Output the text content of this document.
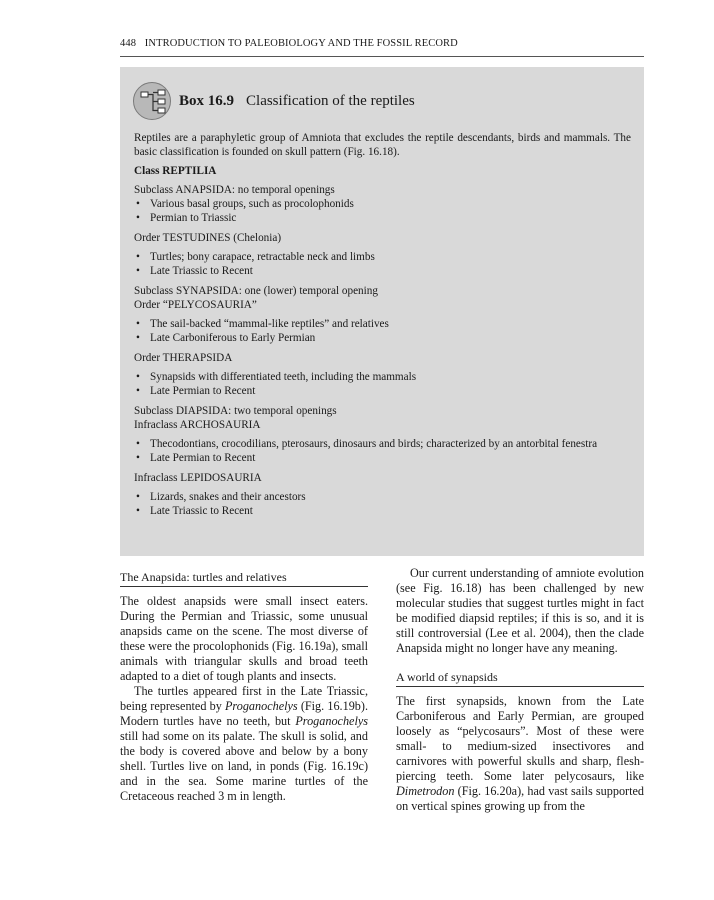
448 INTRODUCTION TO PALEOBIOLOGY AND THE FOSSIL RECORD
Box 16.9 Classification of the reptiles

Reptiles are a paraphyletic group of Amniota that excludes the reptile descendants, birds and mammals. The basic classification is founded on skull pattern (Fig. 16.18).

Class REPTILIA

Subclass ANAPSIDA: no temporal openings
• Various basal groups, such as procolophonids
• Permian to Triassic
Order TESTUDINES (Chelonia)
• Turtles; bony carapace, retractable neck and limbs
• Late Triassic to Recent
Subclass SYNAPSIDA: one (lower) temporal opening
Order “PELYCOSAURIA”
• The sail-backed “mammal-like reptiles” and relatives
• Late Carboniferous to Early Permian
Order THERAPSIDA
• Synapsids with differentiated teeth, including the mammals
• Late Permian to Recent
Subclass DIAPSIDA: two temporal openings
Infraclass ARCHOSAURIA
• Thecodontians, crocodilians, pterosaurs, dinosaurs and birds; characterized by an antorbital fenestra
• Late Permian to Recent
Infraclass LEPIDOSAURIA
• Lizards, snakes and their ancestors
• Late Triassic to Recent
The Anapsida: turtles and relatives

The oldest anapsids were small insect eaters. During the Permian and Triassic, some unusual anapsids came on the scene. The most diverse of these were the procolophonids (Fig. 16.19a), small animals with triangular skulls and broad teeth adapted to a diet of tough plants and insects.

The turtles appeared first in the Late Triassic, being represented by Proganochelys (Fig. 16.19b). Modern turtles have no teeth, but Proganochelys still had some on its palate. The skull is solid, and the body is covered above and below by a bony shell. Turtles live on land, in ponds (Fig. 16.19c) and in the sea. Some marine turtles of the Cretaceous reached 3 m in length.

Our current understanding of amniote evolution (see Fig. 16.18) has been challenged by new molecular studies that suggest turtles might in fact be modified diapsid reptiles; if this is so, and it is still controversial (Lee et al. 2004), then the clade Anapsida might no longer have any meaning.

A world of synapsids

The first synapsids, known from the Late Carboniferous and Early Permian, are grouped loosely as “pelycosaurs”. Most of these were small- to medium-sized insectivores and carnivores with powerful skulls and sharp, flesh-piercing teeth. Some later pelycosaurs, like Dimetrodon (Fig. 16.20a), had vast sails supported on vertical spines growing up from the
